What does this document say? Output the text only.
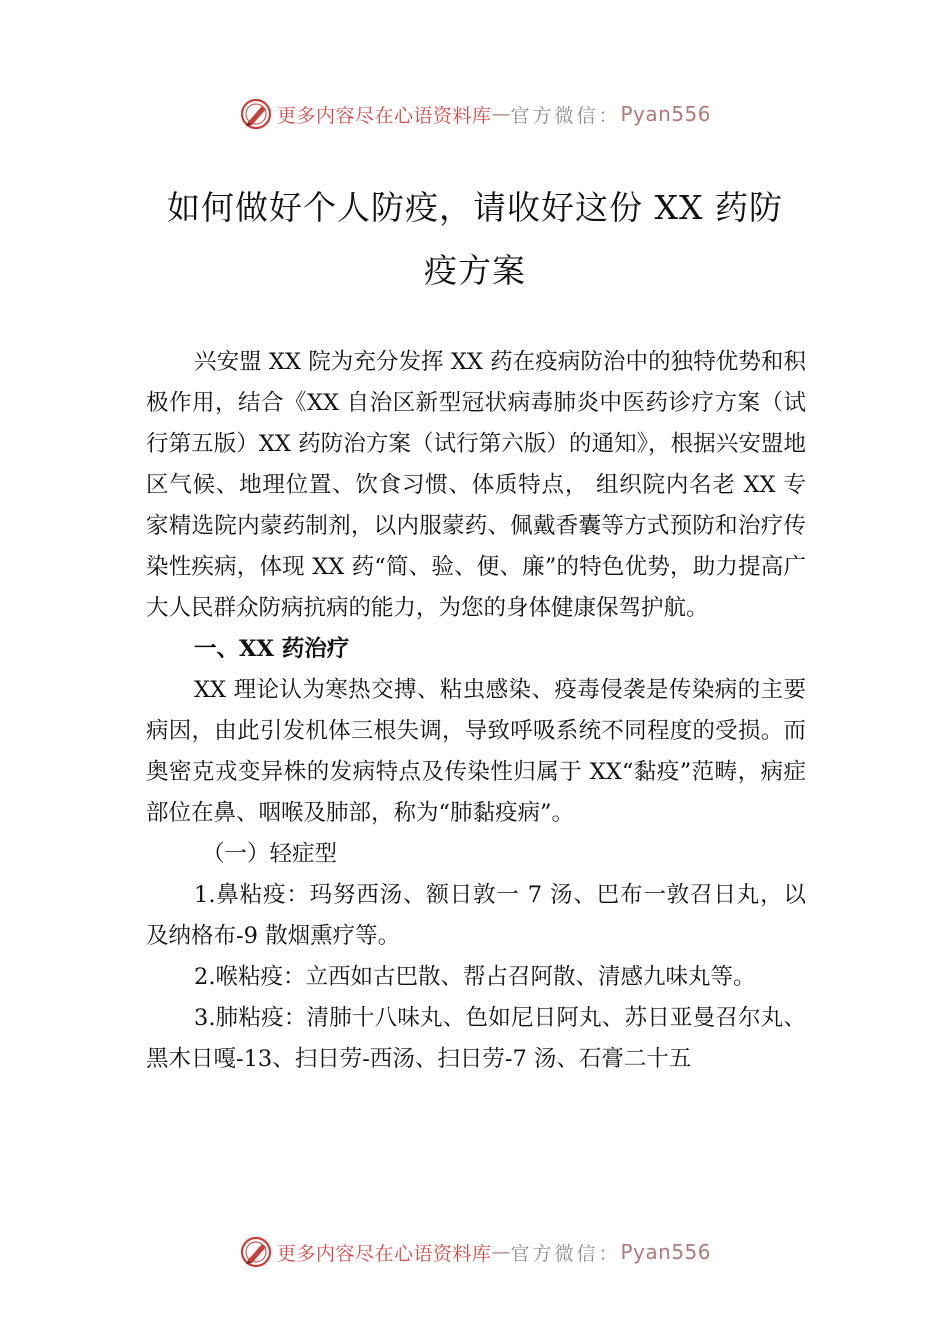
更多内容尽在心语资料库 — 官方微信： Pyan556
如何做好个人防疫，请收好这份 XX 药防
疫方案

兴安盟 XX 院为充分发挥 XX 药在疫病防治中的独特优势和积极作用，结合《XX 自治区新型冠状病毒肺炎中医药诊疗方案（试行第五版）XX 药防治方案（试行第六版）的通知》，根据兴安盟地区气候、地理位置、饮食习惯、体质特点， 组织院内名老 XX 专家精选院内蒙药制剂，以内服蒙药、佩戴香囊等方式预防和治疗传染性疾病，体现 XX 药“简、验、便、廉”的特色优势，助力提高广大人民群众防病抗病的能力，为您的身体健康保驾护航。

一、XX 药治疗

XX 理论认为寒热交搏、粘虫感染、疫毒侵袭是传染病的主要病因，由此引发机体三根失调，导致呼吸系统不同程度的受损。而奥密克戎变异株的发病特点及传染性归属于 XX“黏疫”范畴，病症部位在鼻、咽喉及肺部，称为“肺黏疫病”。

（一）轻症型

1.鼻粘疫：玛努西汤、额日敦一 7 汤、巴布一敦召日丸，以及纳格布-9 散烟熏疗等。

2.喉粘疫：立西如古巴散、帮占召阿散、清感九味丸等。

3.肺粘疫：清肺十八味丸、色如尼日阿丸、苏日亚曼召尔丸、黑木日嘎-13、扫日劳-西汤、扫日劳-7 汤、石膏二十五

更多内容尽在心语资料库 — 官方微信： Pyan556
